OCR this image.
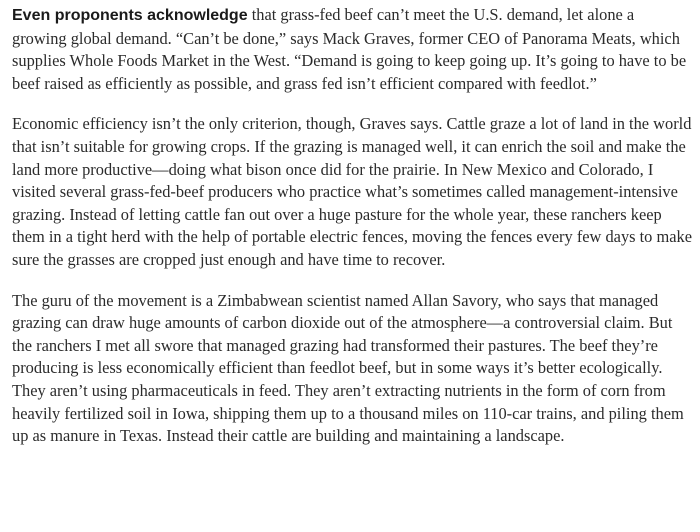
Even proponents acknowledge that grass-fed beef can’t meet the U.S. demand, let alone a growing global demand. “Can’t be done,” says Mack Graves, former CEO of Panorama Meats, which supplies Whole Foods Market in the West. “Demand is going to keep going up. It’s going to have to be beef raised as efficiently as possible, and grass fed isn’t efficient compared with feedlot.”

Economic efficiency isn’t the only criterion, though, Graves says. Cattle graze a lot of land in the world that isn’t suitable for growing crops. If the grazing is managed well, it can enrich the soil and make the land more productive—doing what bison once did for the prairie. In New Mexico and Colorado, I visited several grass-fed-beef producers who practice what’s sometimes called management-intensive grazing. Instead of letting cattle fan out over a huge pasture for the whole year, these ranchers keep them in a tight herd with the help of portable electric fences, moving the fences every few days to make sure the grasses are cropped just enough and have time to recover.

The guru of the movement is a Zimbabwean scientist named Allan Savory, who says that managed grazing can draw huge amounts of carbon dioxide out of the atmosphere—a controversial claim. But the ranchers I met all swore that managed grazing had transformed their pastures. The beef they’re producing is less economically efficient than feedlot beef, but in some ways it’s better ecologically. They aren’t using pharmaceuticals in feed. They aren’t extracting nutrients in the form of corn from heavily fertilized soil in Iowa, shipping them up to a thousand miles on 110-car trains, and piling them up as manure in Texas. Instead their cattle are building and maintaining a landscape.
